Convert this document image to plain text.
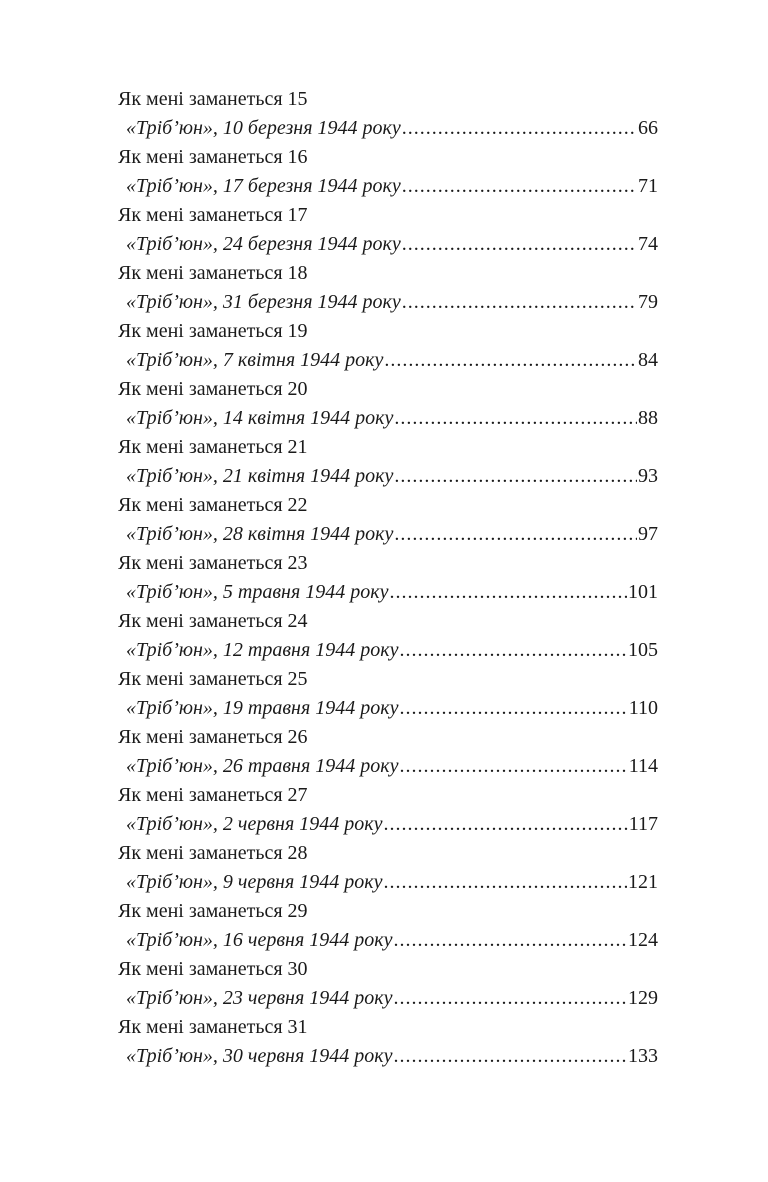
Як мені заманеться 15
«Тріб’юн», 10 березня 1944 року .....	66
Як мені заманеться 16
«Тріб’юн», 17 березня 1944 року .....	71
Як мені заманеться 17
«Тріб’юн», 24 березня 1944 року .....	74
Як мені заманеться 18
«Тріб’юн», 31 березня 1944 року .....	79
Як мені заманеться 19
«Тріб’юн», 7 квітня 1944 року .....	84
Як мені заманеться 20
«Тріб’юн», 14 квітня 1944 року .....	88
Як мені заманеться 21
«Тріб’юн», 21 квітня 1944 року .....	93
Як мені заманеться 22
«Тріб’юн», 28 квітня 1944 року .....	97
Як мені заманеться 23
«Тріб’юн», 5 травня 1944 року .....	101
Як мені заманеться 24
«Тріб’юн», 12 травня 1944 року .....	105
Як мені заманеться 25
«Тріб’юн», 19 травня 1944 року .....	110
Як мені заманеться 26
«Тріб’юн», 26 травня 1944 року .....	114
Як мені заманеться 27
«Тріб’юн», 2 червня 1944 року .....	117
Як мені заманеться 28
«Тріб’юн», 9 червня 1944 року .....	121
Як мені заманеться 29
«Тріб’юн», 16 червня 1944 року .....	124
Як мені заманеться 30
«Тріб’юн», 23 червня 1944 року .....	129
Як мені заманеться 31
«Тріб’юн», 30 червня 1944 року .....	133
